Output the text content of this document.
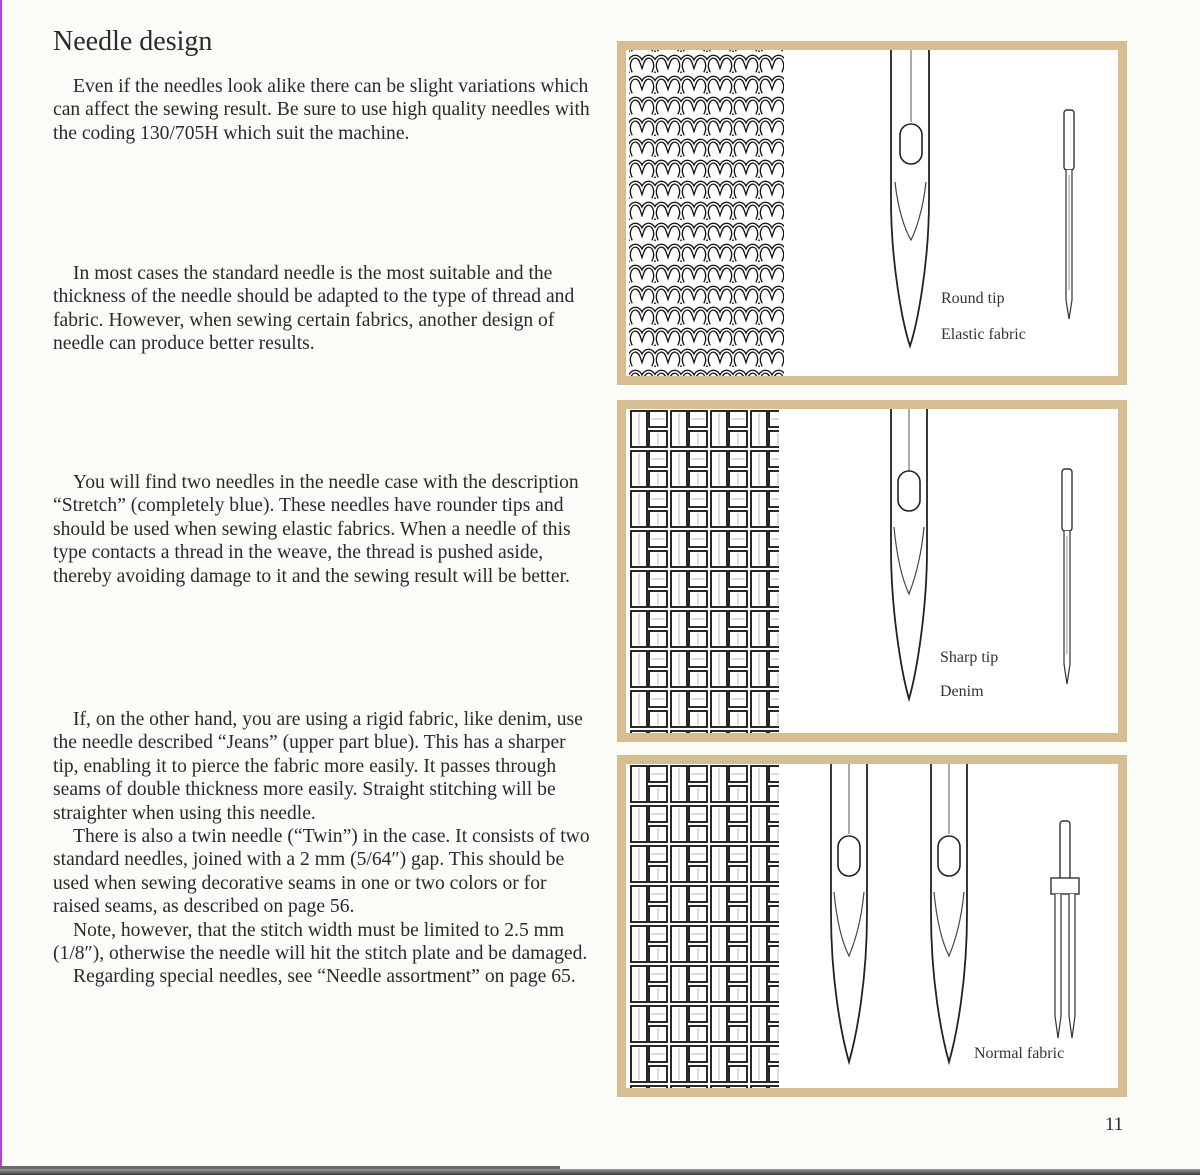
Needle design

Even if the needles look alike there can be slight variations which can affect the sewing result. Be sure to use high quality needles with the coding 130/705H which suit the machine.

In most cases the standard needle is the most suitable and the thickness of the needle should be adapted to the type of thread and fabric. However, when sewing certain fabrics, another design of needle can produce better results.

You will find two needles in the needle case with the description “Stretch” (completely blue). These needles have rounder tips and should be used when sewing elastic fabrics. When a needle of this type contacts a thread in the weave, the thread is pushed aside, thereby avoiding damage to it and the sewing result will be better.

If, on the other hand, you are using a rigid fabric, like denim, use the needle described “Jeans” (upper part blue). This has a sharper tip, enabling it to pierce the fabric more easily. It passes through seams of double thickness more easily. Straight stitching will be straighter when using this needle.
There is also a twin needle (“Twin”) in the case. It consists of two standard needles, joined with a 2 mm (5/64″) gap. This should be used when sewing decorative seams in one or two colors or for raised seams, as described on page 56.
Note, however, that the stitch width must be limited to 2.5 mm (1/8″), otherwise the needle will hit the stitch plate and be damaged.
Regarding special needles, see “Needle assortment” on page 65.

Round tip

Elastic fabric

Sharp tip

Denim

Normal fabric

11
